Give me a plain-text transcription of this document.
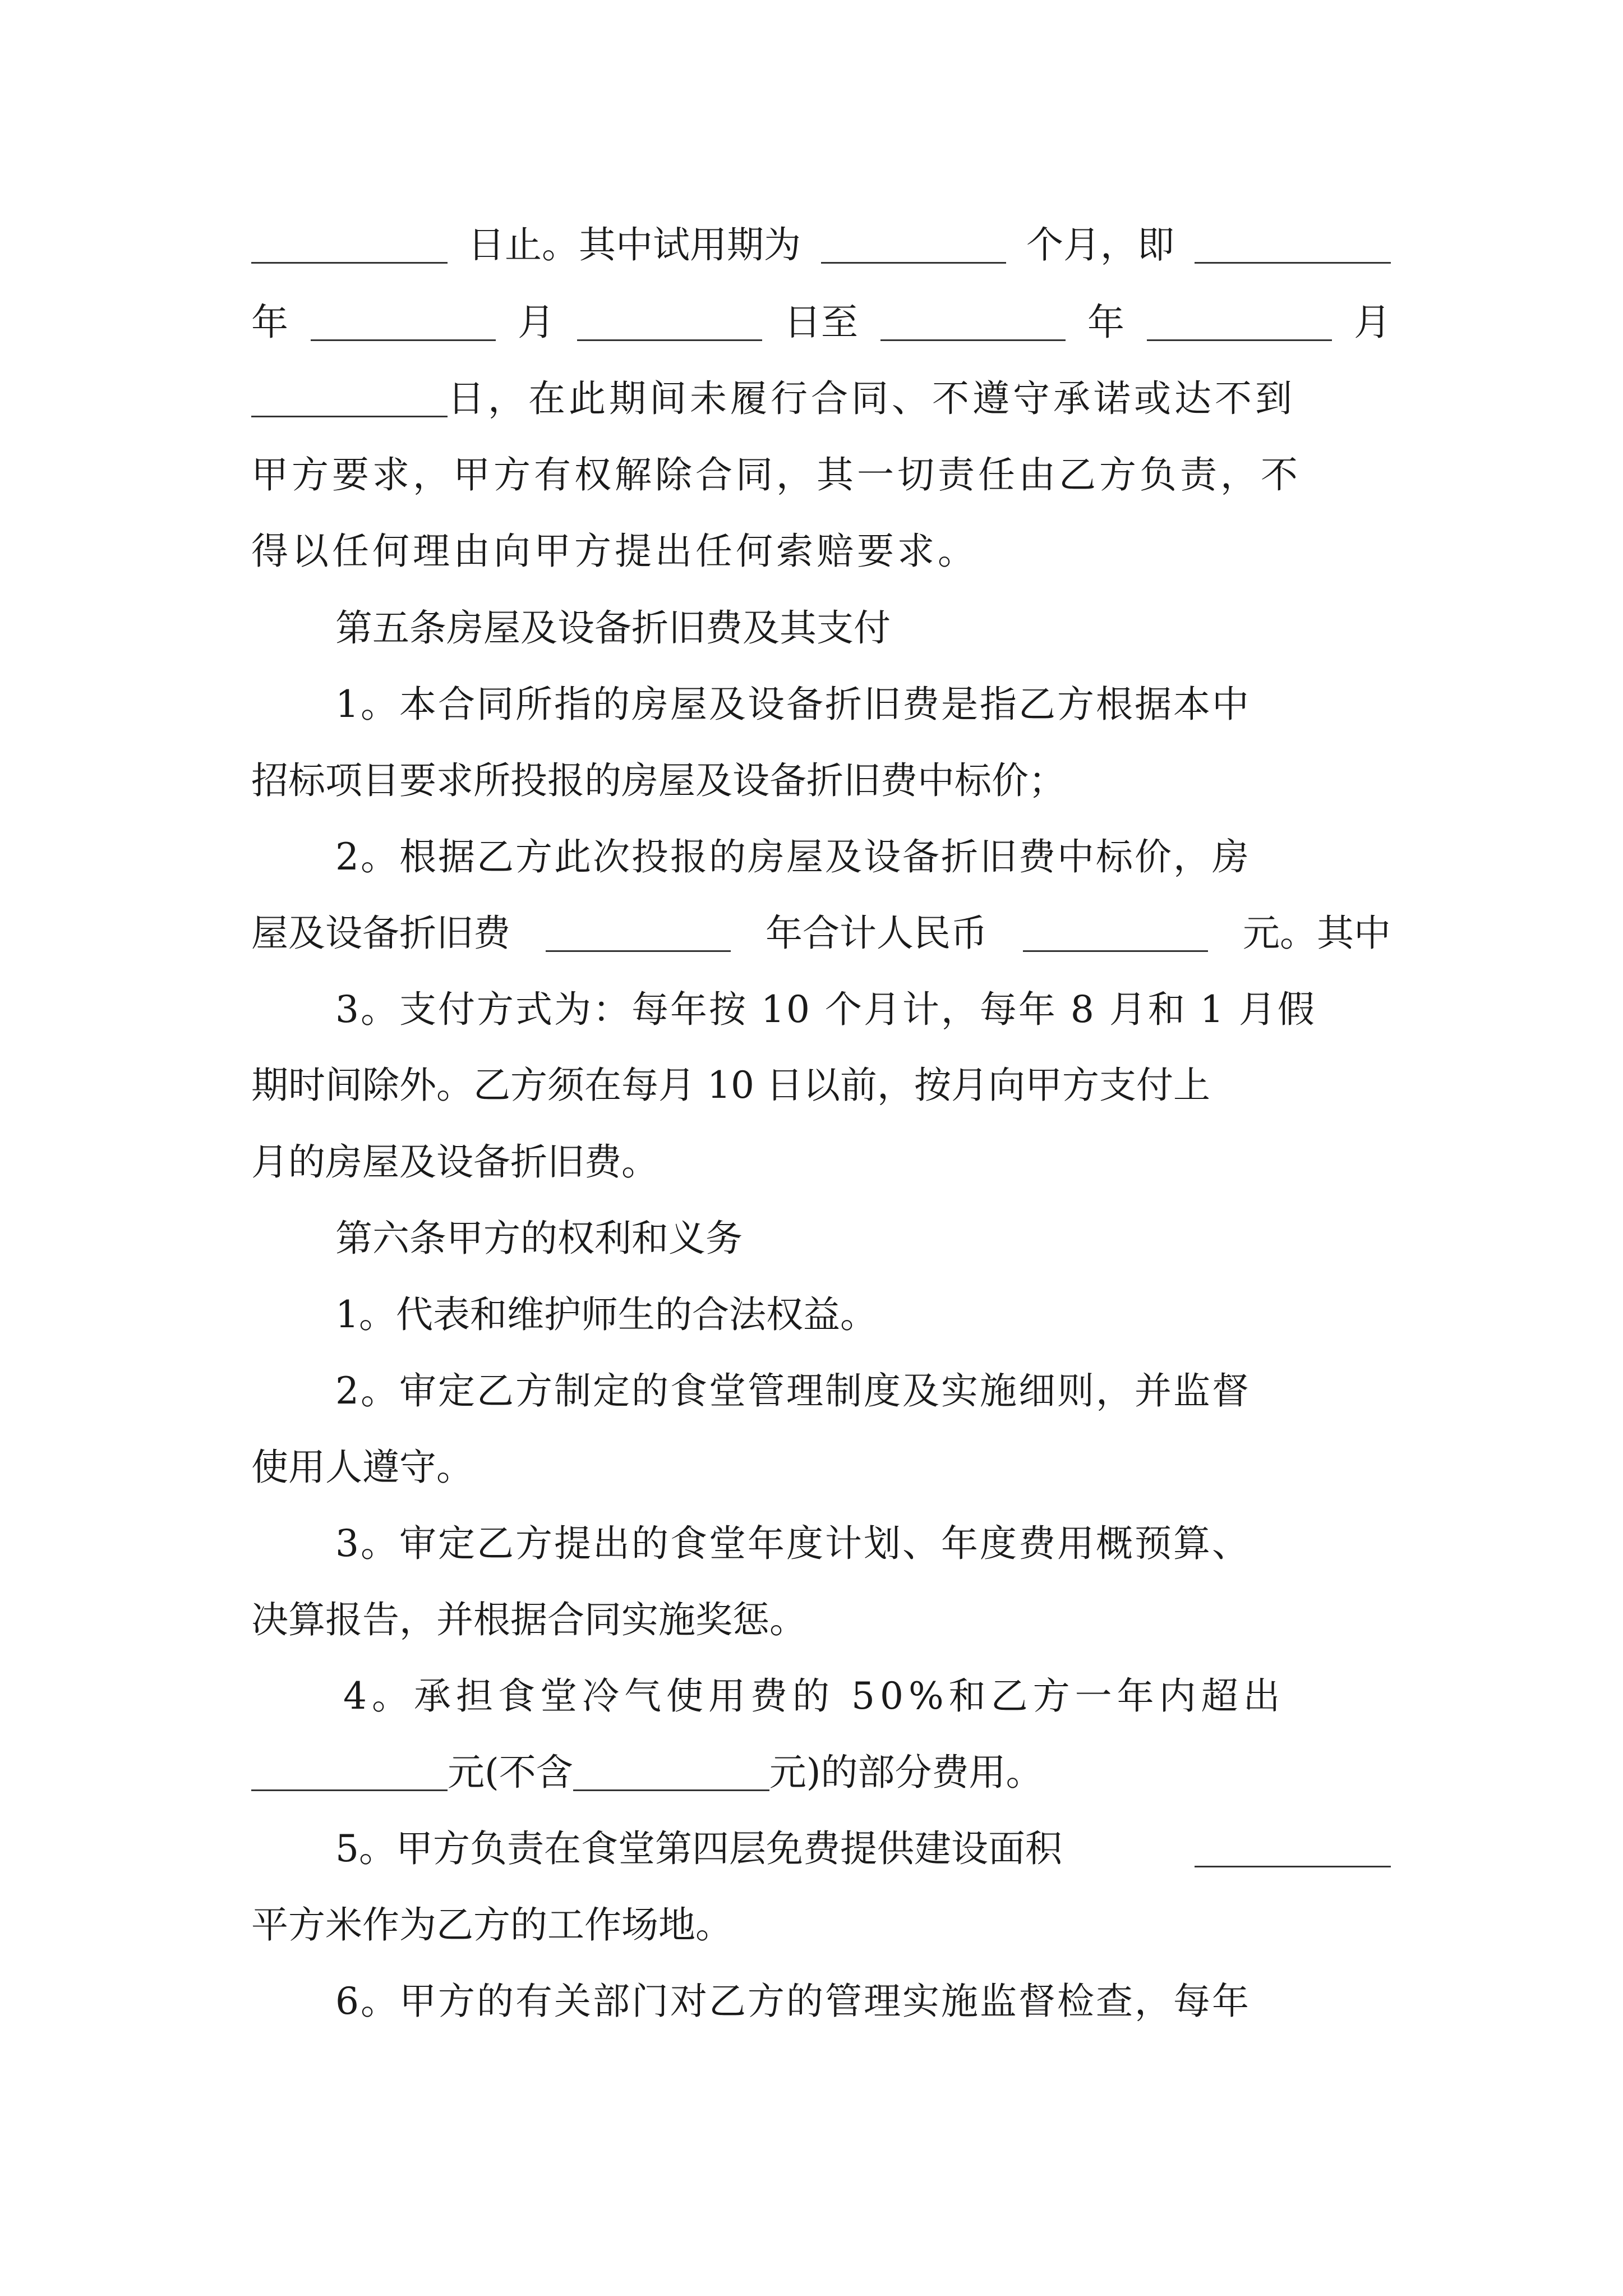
日止。其中试用期为	个月，即
年	月	日至	年	月
日，在此期间未履行合同、不遵守承诺或达不到
甲方要求，甲方有权解除合同，其一切责任由乙方负责，不
得以任何理由向甲方提出任何索赔要求。
第五条房屋及设备折旧费及其支付
1。本合同所指的房屋及设备折旧费是指乙方根据本中
招标项目要求所投报的房屋及设备折旧费中标价；
2。根据乙方此次投报的房屋及设备折旧费中标价，房
屋及设备折旧费	年合计人民币	元。其中
3。支付方式为：每年按 10 个月计，每年 8 月和 1 月假
期时间除外。乙方须在每月 10 日以前，按月向甲方支付上
月的房屋及设备折旧费。
第六条甲方的权利和义务
1。代表和维护师生的合法权益。
2。审定乙方制定的食堂管理制度及实施细则，并监督
使用人遵守。
3。审定乙方提出的食堂年度计划、年度费用概预算、
决算报告，并根据合同实施奖惩。
4。承担食堂冷气使用费的 50%和乙方一年内超出
元(不含	元)的部分费用。
5。甲方负责在食堂第四层免费提供建设面积
平方米作为乙方的工作场地。
6。甲方的有关部门对乙方的管理实施监督检查，每年
